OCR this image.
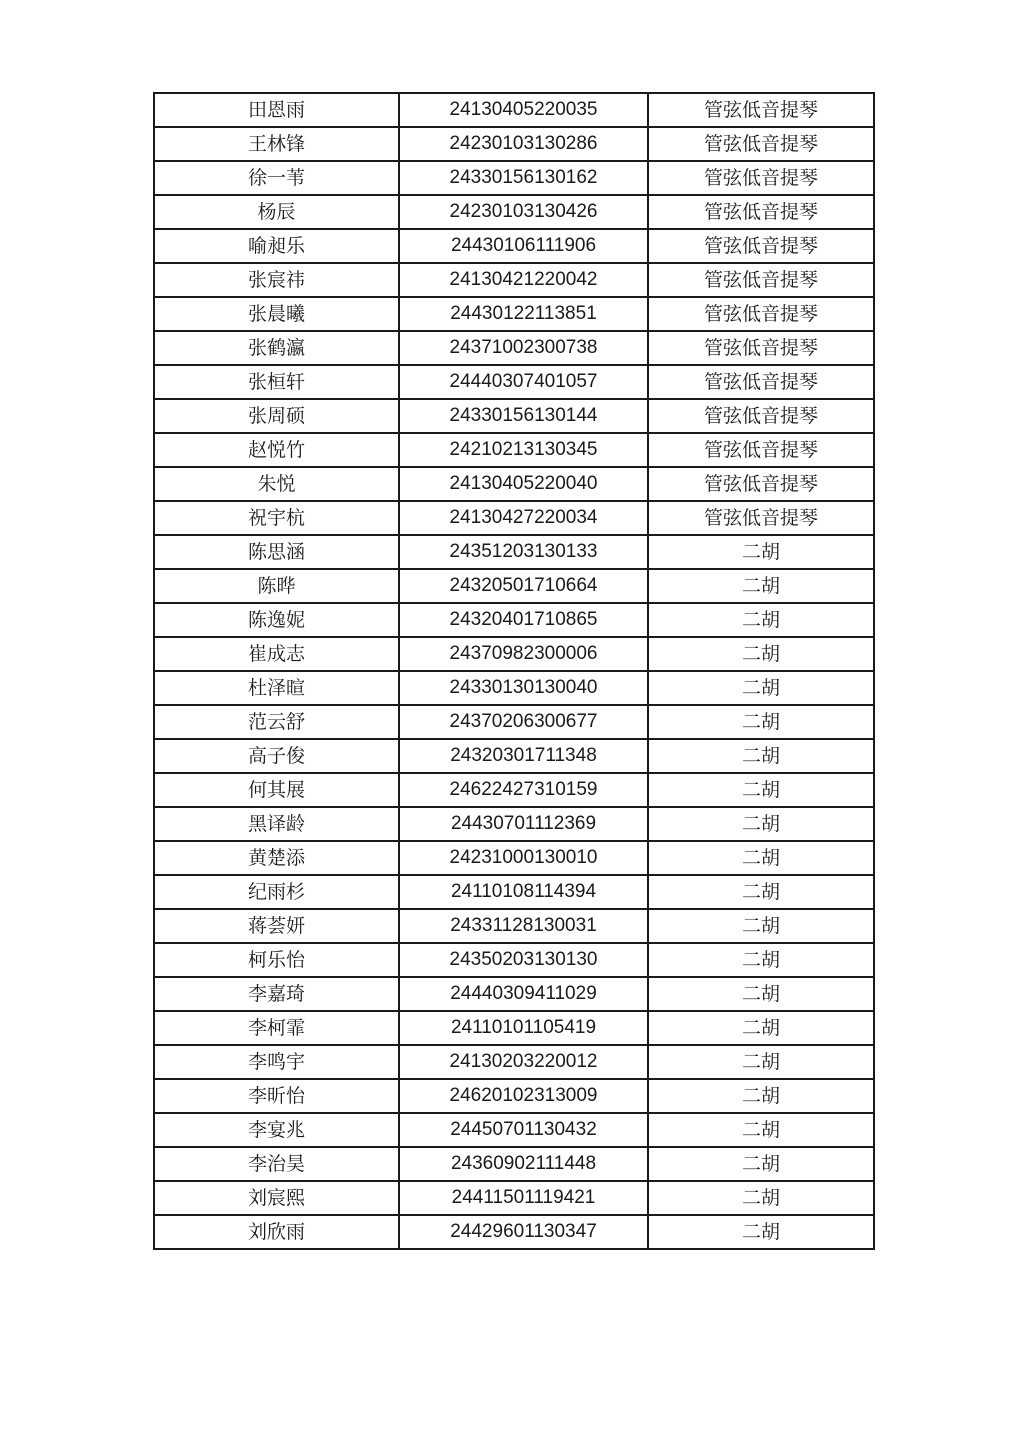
田恩雨	24130405220035	管弦低音提琴
王林锋	24230103130286	管弦低音提琴
徐一苇	24330156130162	管弦低音提琴
杨辰	24230103130426	管弦低音提琴
喻昶乐	24430106111906	管弦低音提琴
张宸祎	24130421220042	管弦低音提琴
张晨曦	24430122113851	管弦低音提琴
张鹤瀛	24371002300738	管弦低音提琴
张桓轩	24440307401057	管弦低音提琴
张周硕	24330156130144	管弦低音提琴
赵悦竹	24210213130345	管弦低音提琴
朱悦	24130405220040	管弦低音提琴
祝宇杭	24130427220034	管弦低音提琴
陈思涵	24351203130133	二胡
陈晔	24320501710664	二胡
陈逸妮	24320401710865	二胡
崔成志	24370982300006	二胡
杜泽暄	24330130130040	二胡
范云舒	24370206300677	二胡
高子俊	24320301711348	二胡
何其展	24622427310159	二胡
黑译龄	24430701112369	二胡
黄楚添	24231000130010	二胡
纪雨杉	24110108114394	二胡
蒋荟妍	24331128130031	二胡
柯乐怡	24350203130130	二胡
李嘉琦	24440309411029	二胡
李柯霏	24110101105419	二胡
李鸣宇	24130203220012	二胡
李昕怡	24620102313009	二胡
李宴兆	24450701130432	二胡
李治昊	24360902111448	二胡
刘宸熙	24411501119421	二胡
刘欣雨	24429601130347	二胡
